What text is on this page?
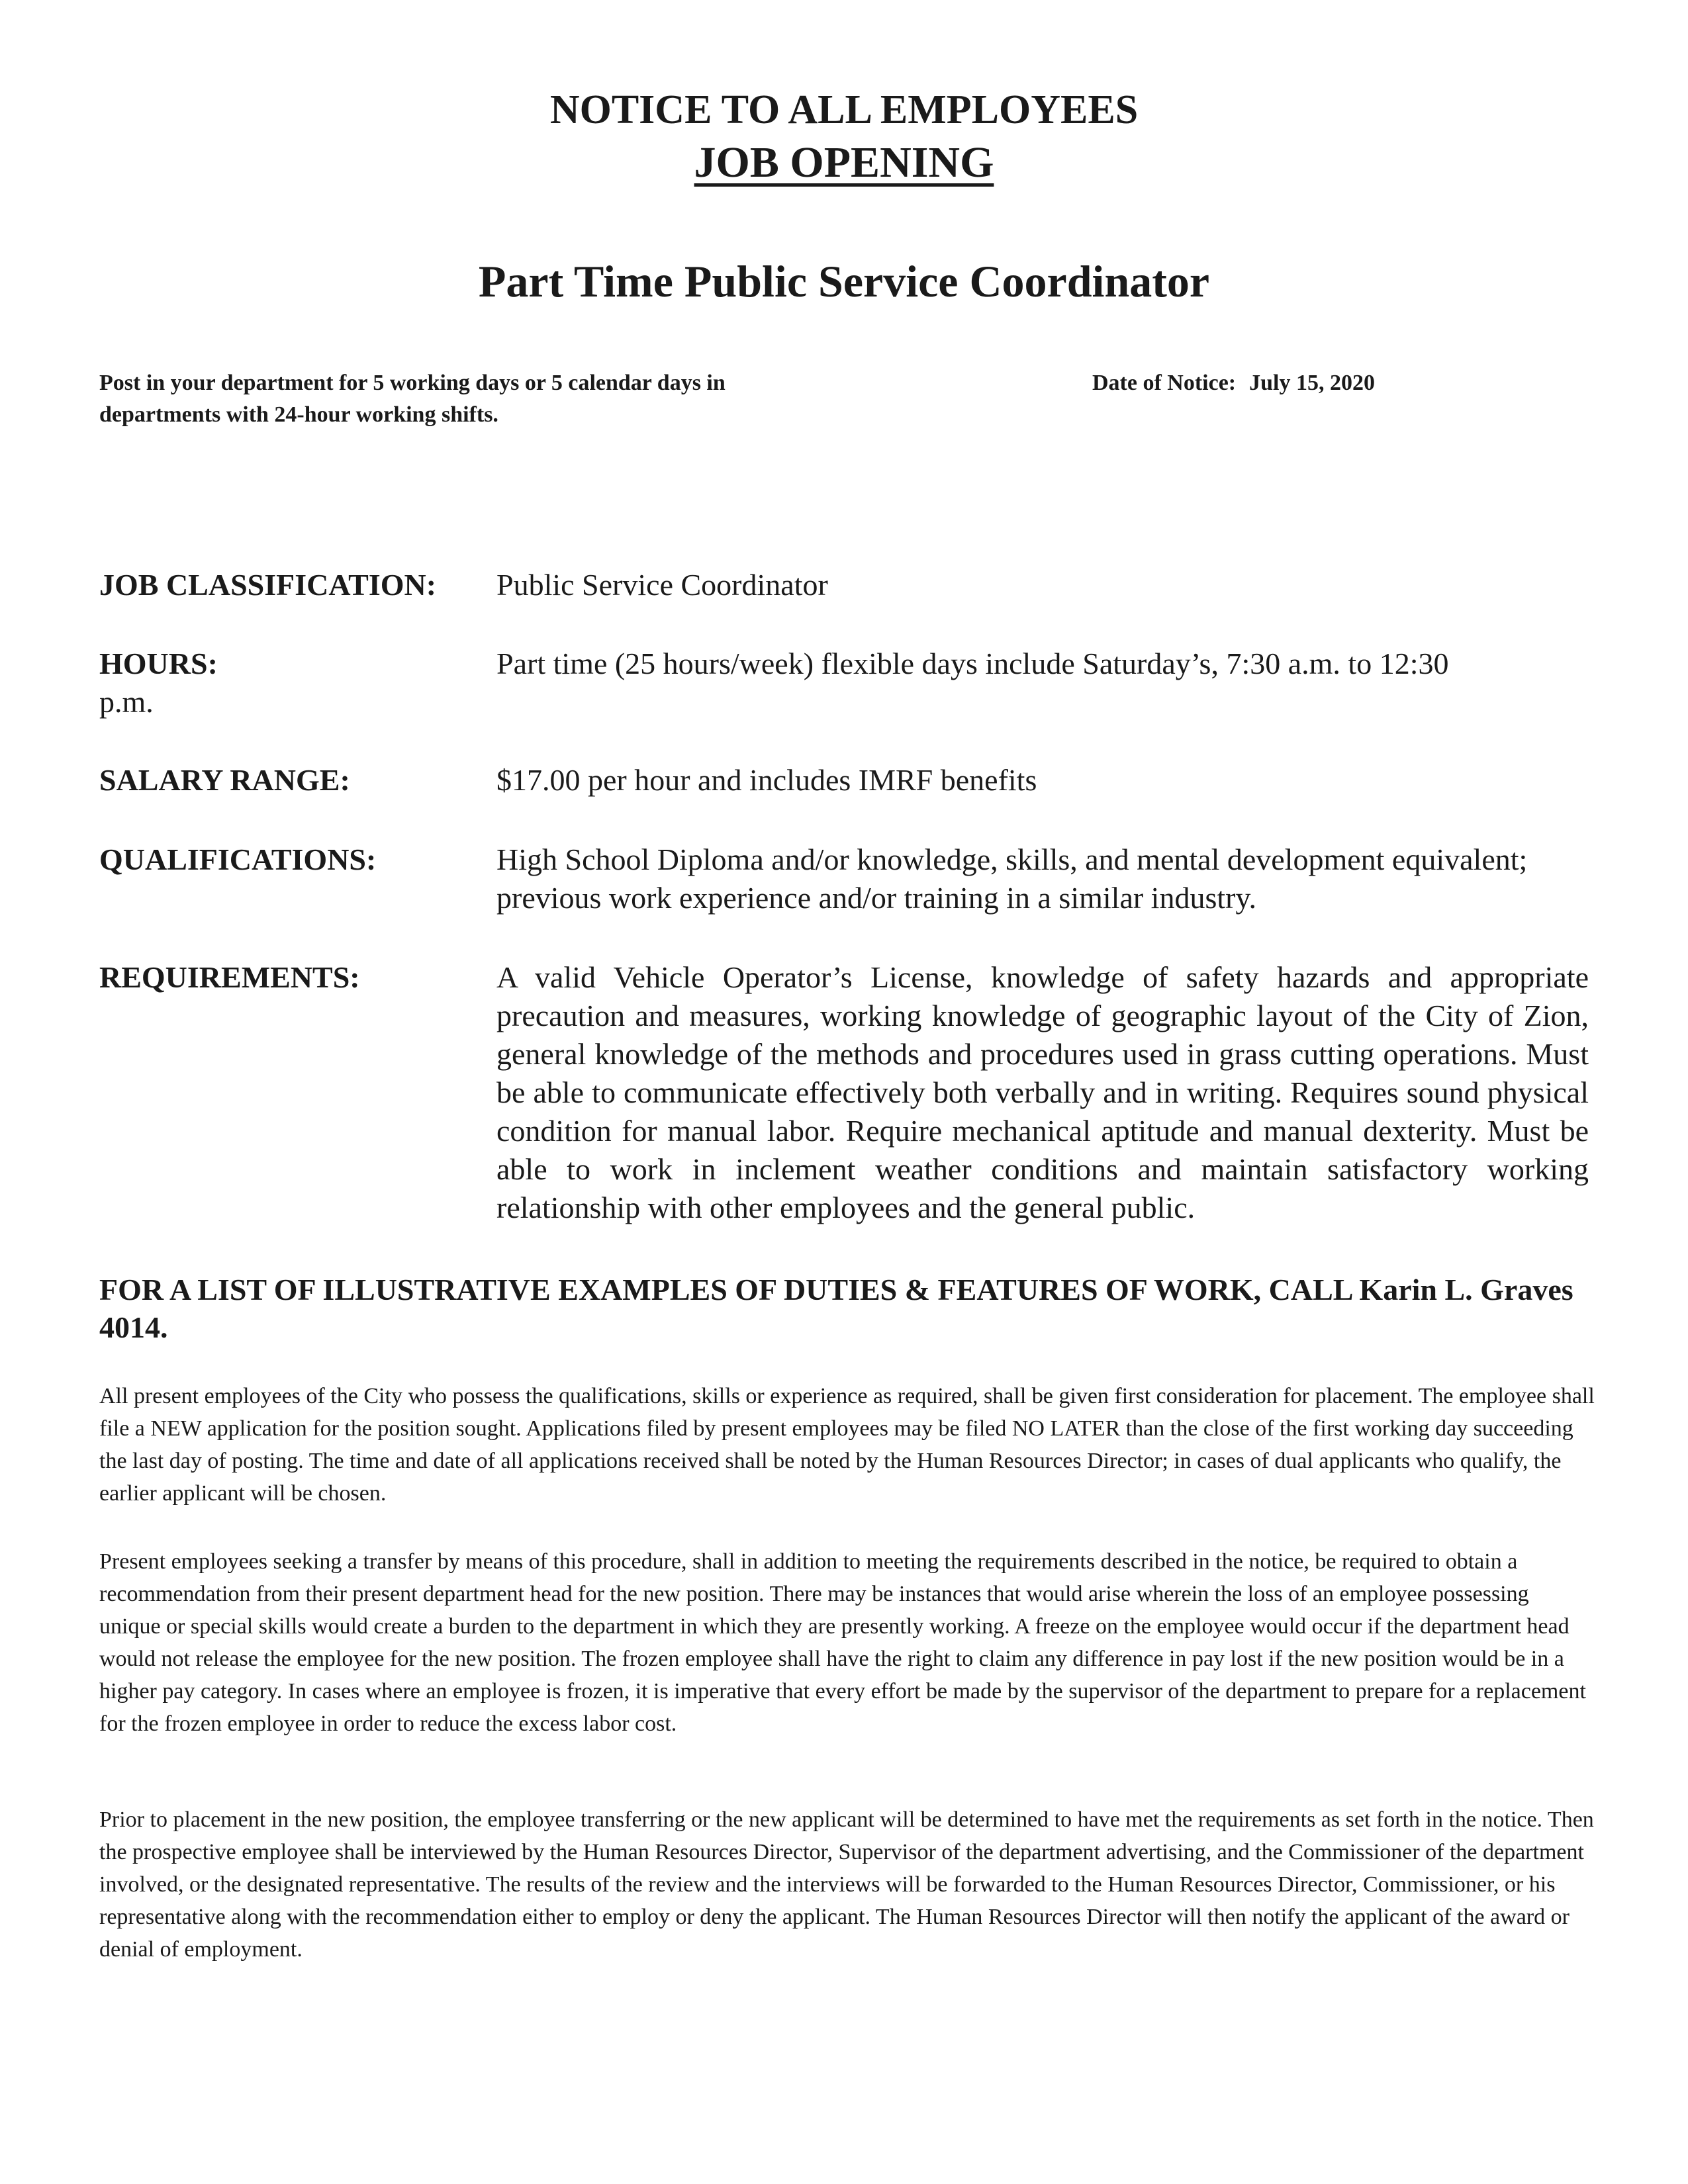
NOTICE TO ALL EMPLOYEES
JOB OPENING
Part Time Public Service Coordinator
Post in your department for 5 working days or 5 calendar days in departments with 24-hour working shifts.
Date of Notice: July 15, 2020
JOB CLASSIFICATION: Public Service Coordinator
HOURS:	Part time (25 hours/week) flexible days include Saturday’s, 7:30 a.m. to 12:30
p.m.
SALARY RANGE:	$17.00 per hour and includes IMRF benefits
QUALIFICATIONS:	High School Diploma and/or knowledge, skills, and mental development equivalent; previous work experience and/or training in a similar industry.
REQUIREMENTS:	A valid Vehicle Operator’s License, knowledge of safety hazards and appropriate precaution and measures, working knowledge of geographic layout of the City of Zion, general knowledge of the methods and procedures used in grass cutting operations. Must be able to communicate effectively both verbally and in writing. Requires sound physical condition for manual labor. Require mechanical aptitude and manual dexterity. Must be able to work in inclement weather conditions and maintain satisfactory working relationship with other employees and the general public.
FOR A LIST OF ILLUSTRATIVE EXAMPLES OF DUTIES & FEATURES OF WORK, CALL Karin L. Graves 4014.
All present employees of the City who possess the qualifications, skills or experience as required, shall be given first consideration for placement. The employee shall file a NEW application for the position sought. Applications filed by present employees may be filed NO LATER than the close of the first working day succeeding the last day of posting. The time and date of all applications received shall be noted by the Human Resources Director; in cases of dual applicants who qualify, the earlier applicant will be chosen.
Present employees seeking a transfer by means of this procedure, shall in addition to meeting the requirements described in the notice, be required to obtain a recommendation from their present department head for the new position. There may be instances that would arise wherein the loss of an employee possessing unique or special skills would create a burden to the department in which they are presently working. A freeze on the employee would occur if the department head would not release the employee for the new position. The frozen employee shall have the right to claim any difference in pay lost if the new position would be in a higher pay category. In cases where an employee is frozen, it is imperative that every effort be made by the supervisor of the department to prepare for a replacement for the frozen employee in order to reduce the excess labor cost.
Prior to placement in the new position, the employee transferring or the new applicant will be determined to have met the requirements as set forth in the notice. Then the prospective employee shall be interviewed by the Human Resources Director, Supervisor of the department advertising, and the Commissioner of the department involved, or the designated representative. The results of the review and the interviews will be forwarded to the Human Resources Director, Commissioner, or his representative along with the recommendation either to employ or deny the applicant. The Human Resources Director will then notify the applicant of the award or denial of employment.
